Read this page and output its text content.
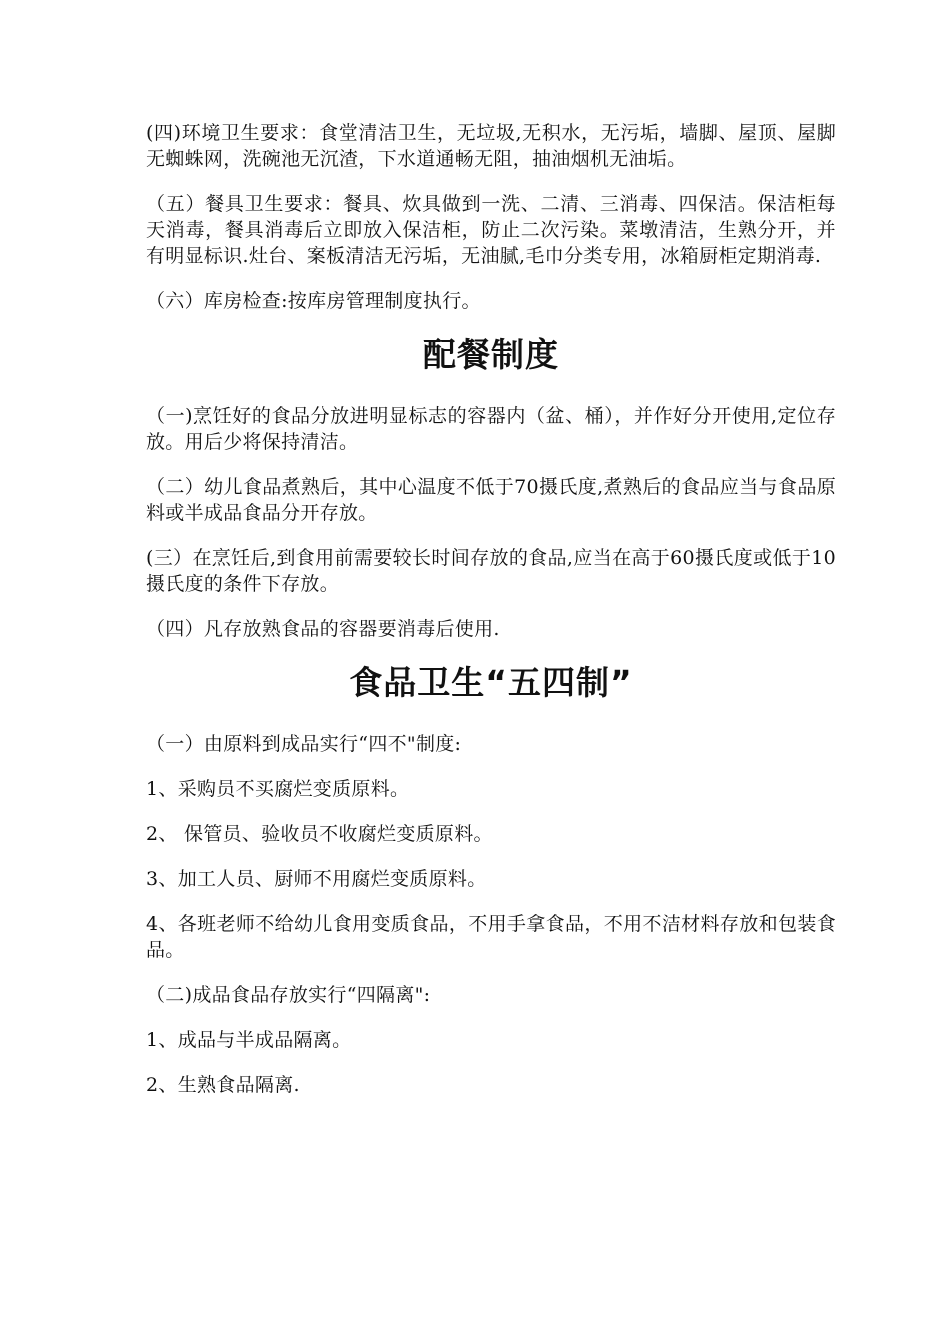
(四)环境卫生要求：食堂清洁卫生，无垃圾,无积水，无污垢，墙脚、屋顶、屋脚无蜘蛛网，洗碗池无沉渣，下水道通畅无阻，抽油烟机无油垢。

（五）餐具卫生要求：餐具、炊具做到一洗、二清、三消毒、四保洁。保洁柜每天消毒，餐具消毒后立即放入保洁柜，防止二次污染。菜墩清洁，生熟分开，并有明显标识.灶台、案板清洁无污垢，无油腻,毛巾分类专用，冰箱厨柜定期消毒.

（六）库房检查:按库房管理制度执行。

配餐制度

（一)烹饪好的食品分放进明显标志的容器内（盆、桶），并作好分开使用,定位存放。用后少将保持清洁。

（二）幼儿食品煮熟后，其中心温度不低于70摄氏度,煮熟后的食品应当与食品原料或半成品食品分开存放。

(三）在烹饪后,到食用前需要较长时间存放的食品,应当在高于60摄氏度或低于10摄氏度的条件下存放。

（四）凡存放熟食品的容器要消毒后使用.

食品卫生“五四制”

（一）由原料到成品实行“四不"制度:

1、采购员不买腐烂变质原料。

2、 保管员、验收员不收腐烂变质原料。

3、加工人员、厨师不用腐烂变质原料。

4、各班老师不给幼儿食用变质食品，不用手拿食品，不用不洁材料存放和包装食品。

（二)成品食品存放实行“四隔离":

1、成品与半成品隔离。

2、生熟食品隔离.
